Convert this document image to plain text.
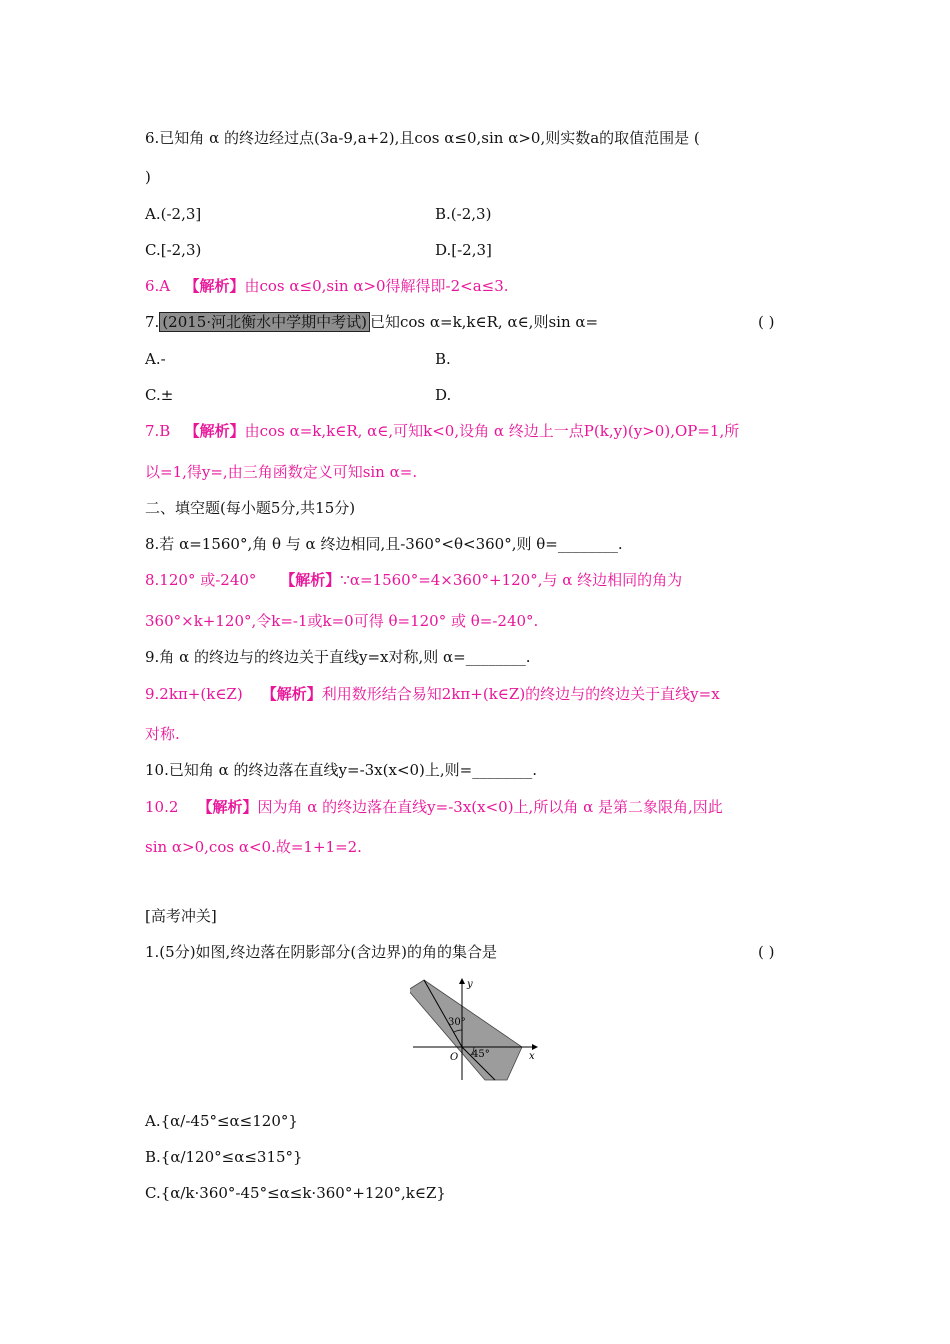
6.已知角 α 的终边经过点(3a-9,a+2),且cos α≤0,sin α>0,则实数a的取值范围是 (
)
A.(-2,3]	B.(-2,3)
C.[-2,3)	D.[-2,3]
6.A 【解析】由cos α≤0,sin α>0得解得即-2<a≤3.
7. (2015·河北衡水中学期中考试) 已知cos α=k,k∈R, α∈,则sin α=	( )
A.-	B.
C.±	D.
7.B 【解析】由cos α=k,k∈R, α∈,可知k<0,设角 α 终边上一点P(k,y)(y>0),OP=1,所
以=1,得y=,由三角函数定义可知sin α=.
二、填空题(每小题5分,共15分)
8.若 α=1560°,角 θ 与 α 终边相同,且-360°<θ<360°,则 θ=________.
8.120° 或-240° 【解析】∵α=1560°=4×360°+120°,与 α 终边相同的角为
360°×k+120°,令k=-1或k=0可得 θ=120° 或 θ=-240°.
9.角 α 的终边与的终边关于直线y=x对称,则 α=________.
9.2kπ+(k∈Z) 【解析】利用数形结合易知2kπ+(k∈Z)的终边与的终边关于直线y=x
对称.
10.已知角 α 的终边落在直线y=-3x(x<0)上,则=________.
10.2 【解析】因为角 α 的终边落在直线y=-3x(x<0)上,所以角 α 是第二象限角,因此
sin α>0,cos α<0.故=1+1=2.
[高考冲关]
1.(5分)如图,终边落在阴影部分(含边界)的角的集合是	( )
y
x
O
30°
45°
A.{α/-45°≤α≤120°}
B.{α/120°≤α≤315°}
C.{α/k·360°-45°≤α≤k·360°+120°,k∈Z}
